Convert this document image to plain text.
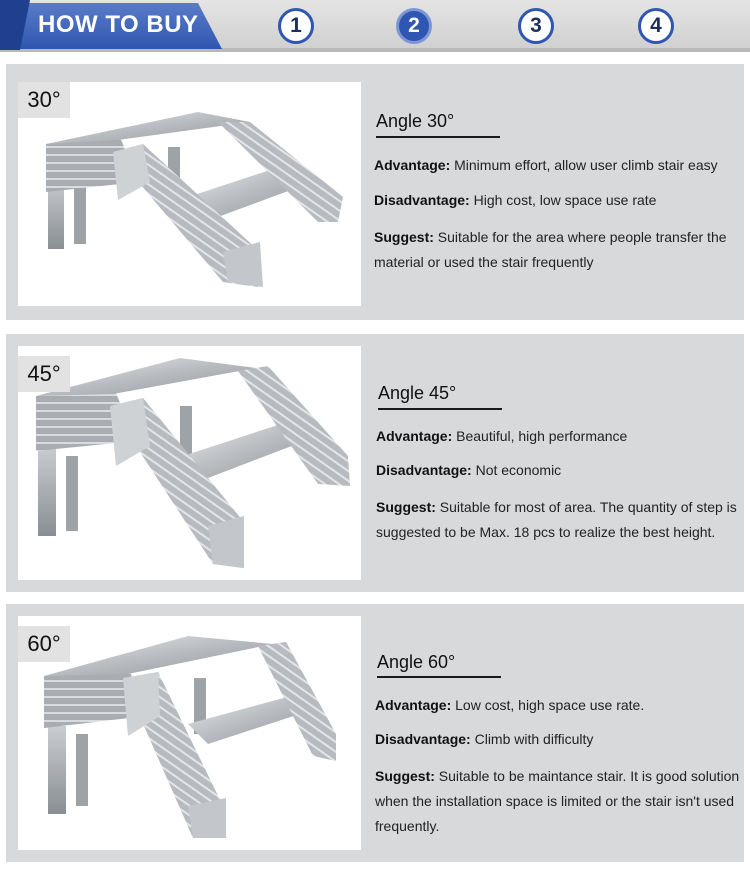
HOW TO BUY	1	2	3	4
30°
Angle 30°
Advantage: Minimum effort, allow user climb stair easy
Disadvantage: High cost, low space use rate
Suggest: Suitable for the area where people transfer the
material or used the stair frequently
45°
Angle 45°
Advantage: Beautiful, high performance
Disadvantage: Not economic
Suggest: Suitable for most of area. The quantity of step is
suggested to be Max. 18 pcs to realize the best height.
60°
Angle 60°
Advantage: Low cost, high space use rate.
Disadvantage: Climb with difficulty
Suggest: Suitable to be maintance stair. It is good solution
when the installation space is limited or the stair isn't used
frequently.
